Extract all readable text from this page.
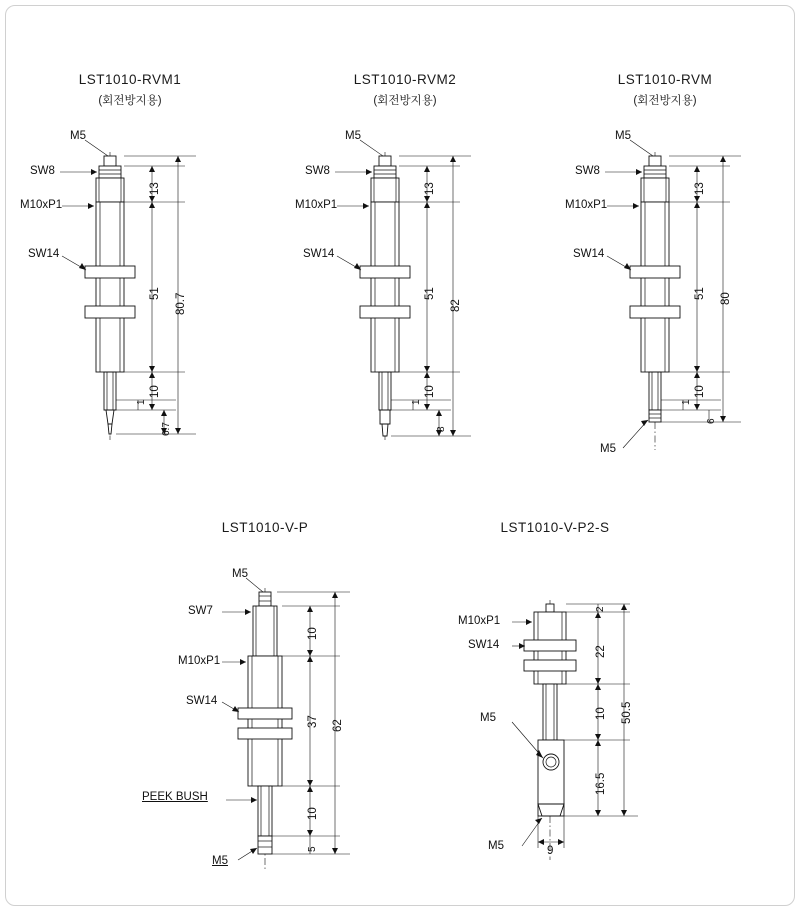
LST1010-RVM1
(회전방지용)
M5
SW8
M10xP1
SW14
13
51 80.7
1
10
6.7
LST1010-RVM2
(회전방지용)
M5
SW8
M10xP1
SW14
13
51
82
1
10
8
LST1010-RVM
(회전방지용)
M5
SW8
M10xP1
SW14
M5
13
51 80
1
10
6
LST1010-V-P
M5
SW7
M10xP1
SW14
PEEK BUSH
M5
10
37 62
10
5
LST1010-V-P2-S
M10xP1
SW14
M5
M5
2
22
50.5
10
16.5
9
